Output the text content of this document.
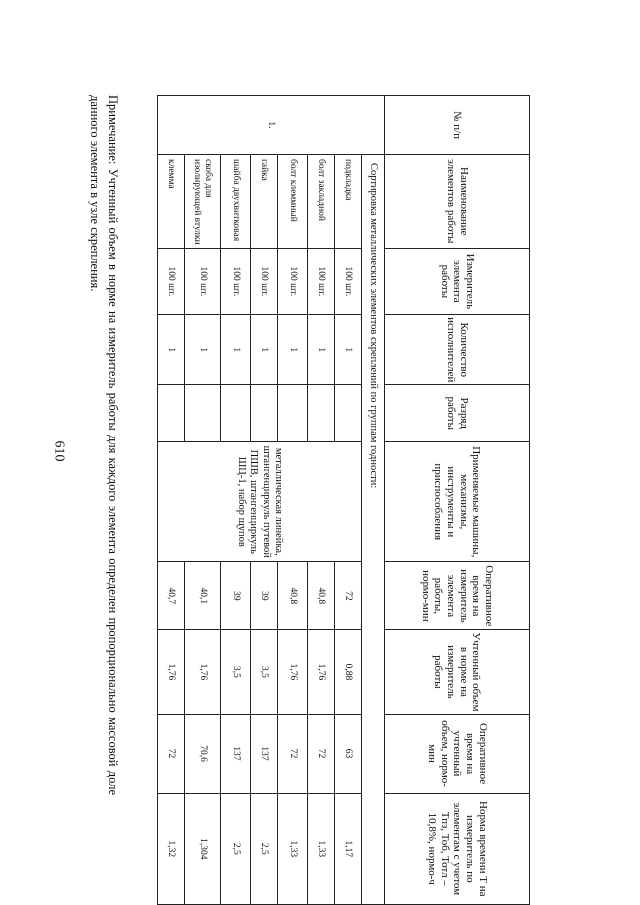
610
№ п/п	Наименование элементов работы	Измеритель элемента работы	Количество исполнителей	Разряд работы	Применяемые машины, механизмы, инструменты и приспособления	Оперативное время на измеритель элемента работы, нормо-мин	Учтенный объем в норме на измеритель работы	Оперативное время на учтенный объем, нормо-мин	Норма времени Т на измеритель по элементам с учетом Тпз, Тоб, Тотл – 10,8%, нормо-ч
1.	Сортировка металлических элементов скреплений по группам годности:								
	подкладка	100 шт.	1		металлическая линейка, штангенциркуль путевой ПШВ, штангенциркуль ШЦ-1, набор щупов	72	0,88	63	1,17
	болт закладной	100 шт.	1			40,8	1,76	72	1,33
	болт клеммный	100 шт.	1			40,8	1,76	72	1,33
	гайка	100 шт.	1			39	3,5	137	2,5
	шайба двухвитковая	100 шт.	1			39	3,5	137	2,5
	скоба для изолирующей втулки	100 шт.	1			40,1	1,76	70,6	1,304
	клемма	100 шт.	1			40,7	1,76	72	1,32

Примечание: Учтенный объем в норме на измеритель работы для каждого элемента определен пропорционально массовой доле данного элемента в узле скрепления.
